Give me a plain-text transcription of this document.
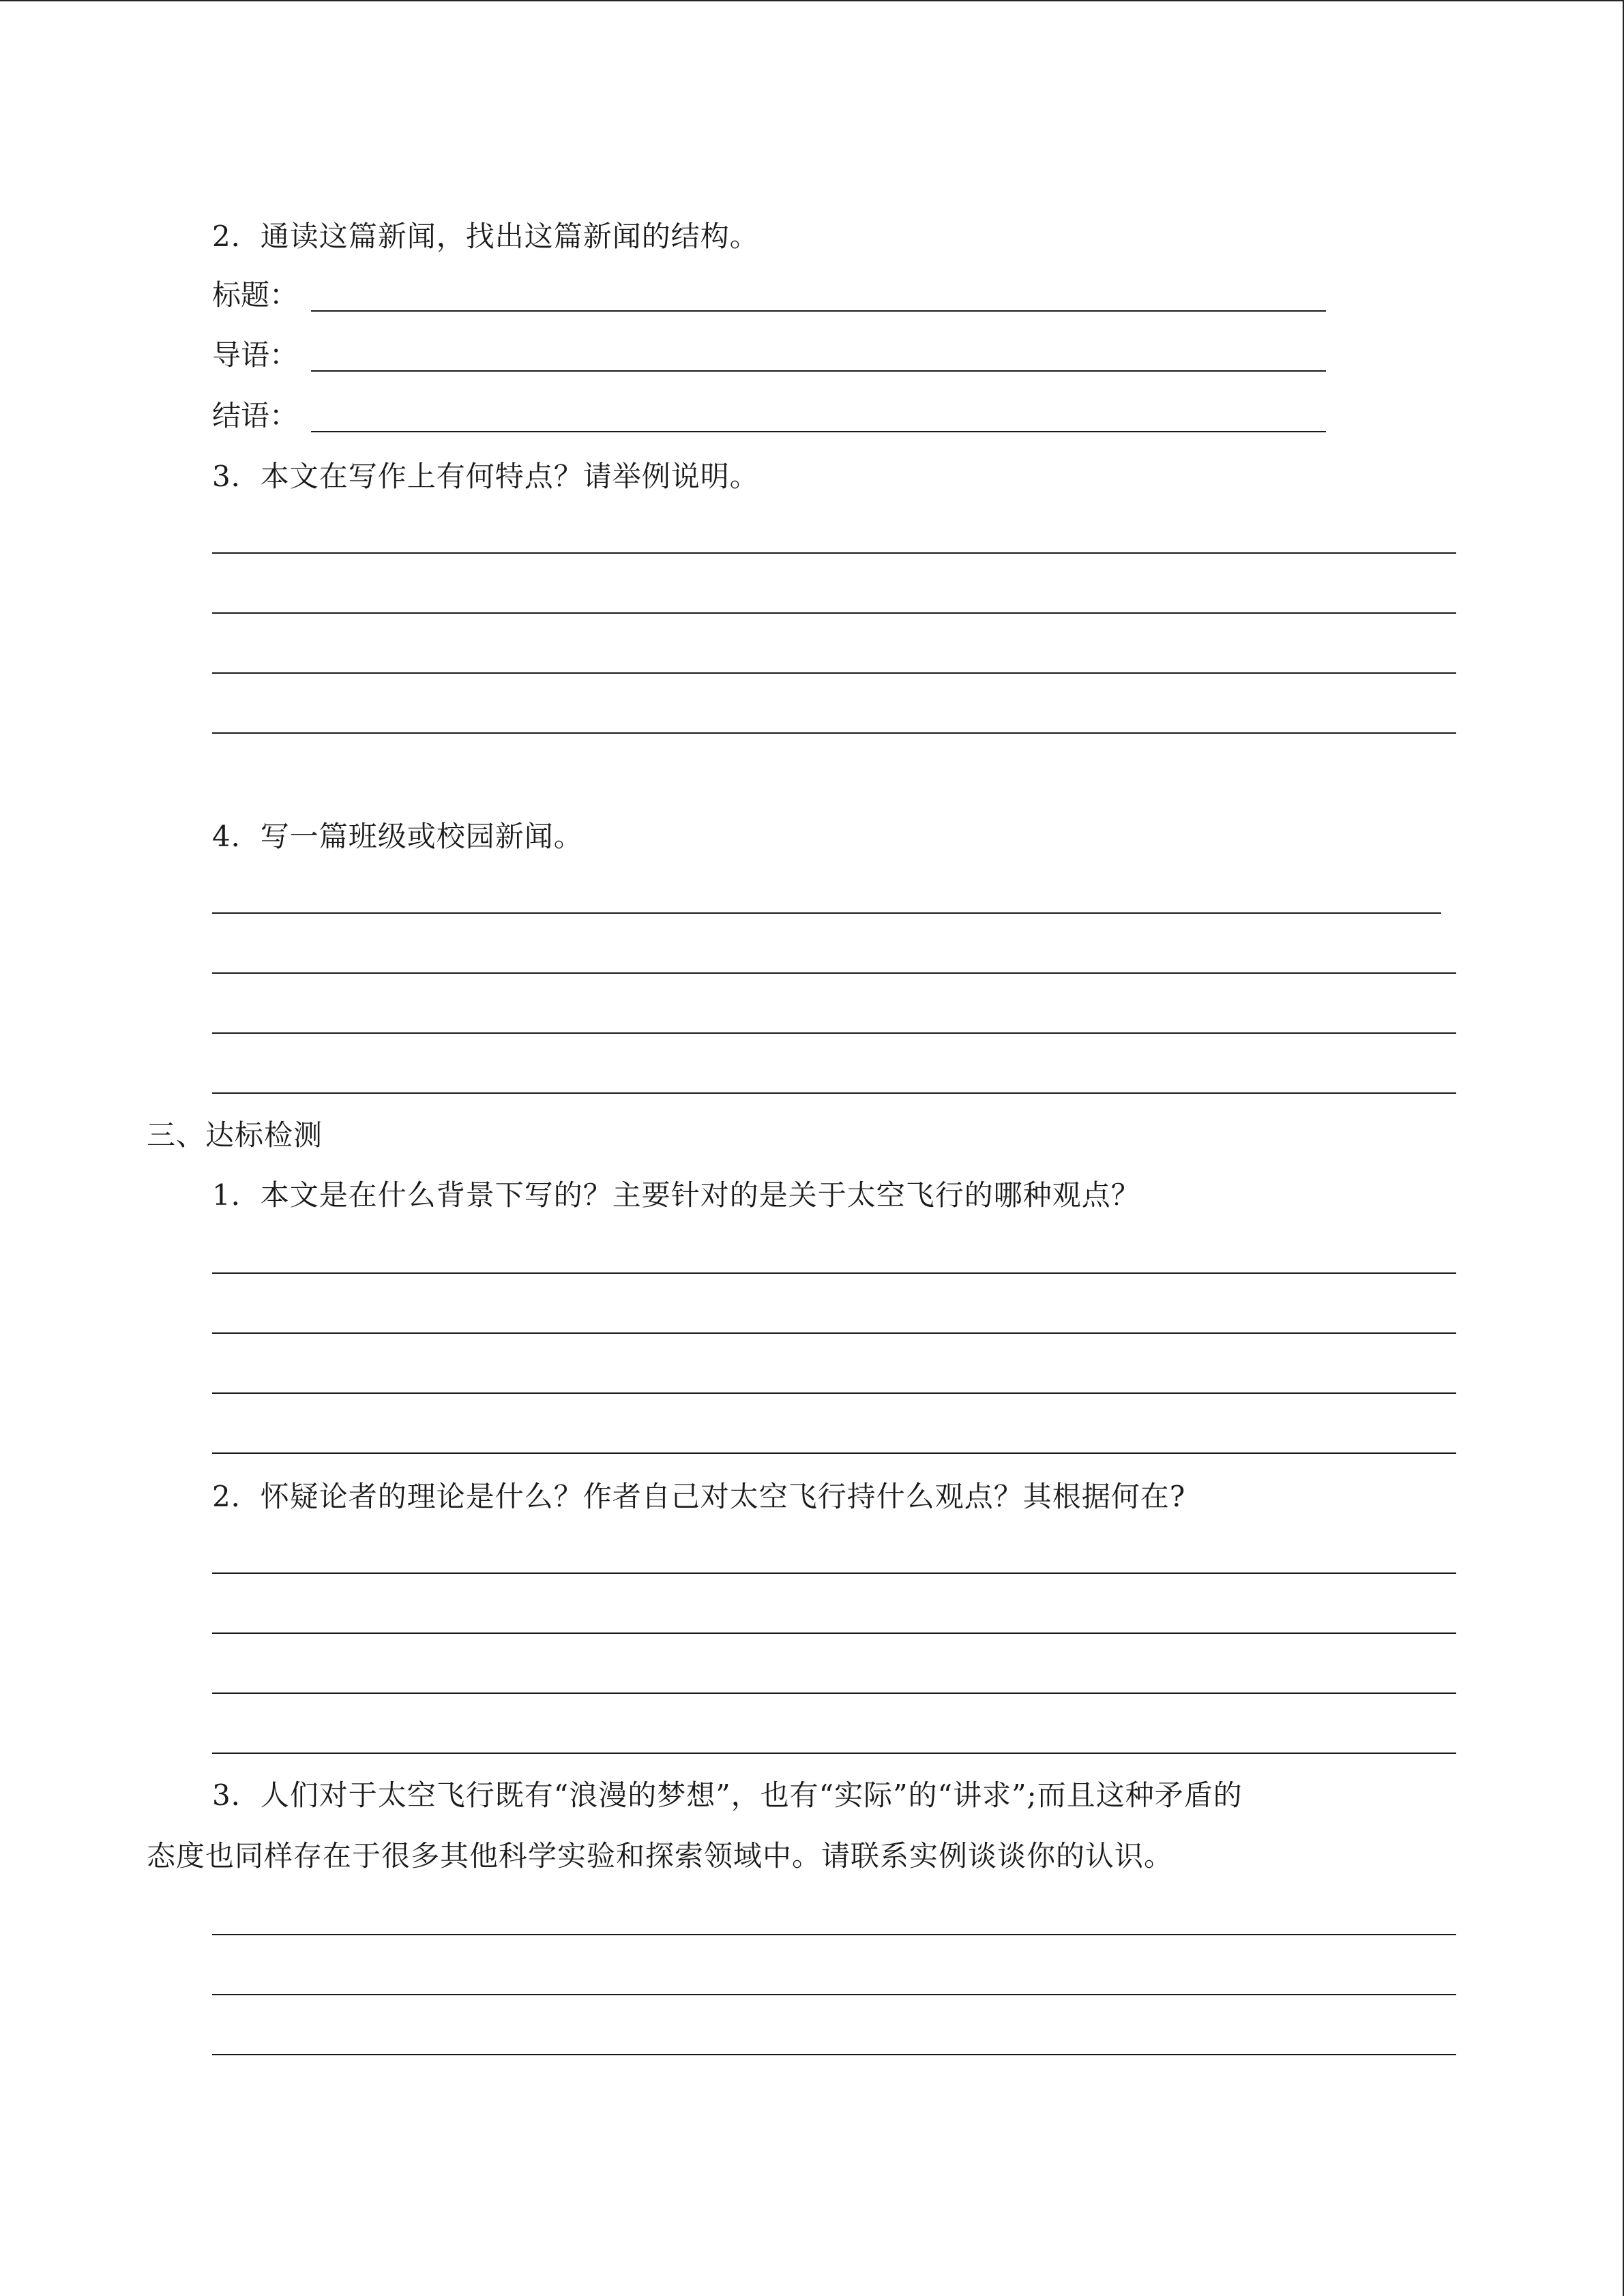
2．通读这篇新闻，找出这篇新闻的结构。
标题：
导语：
结语：
3．本文在写作上有何特点？请举例说明。
4．写一篇班级或校园新闻。
三、达标检测
1．本文是在什么背景下写的？主要针对的是关于太空飞行的哪种观点？
2．怀疑论者的理论是什么？作者自己对太空飞行持什么观点？其根据何在?
3．人们对于太空飞行既有“浪漫的梦想”，也有“实际”的“讲求”;而且这种矛盾的
态度也同样存在于很多其他科学实验和探索领域中。请联系实例谈谈你的认识。
